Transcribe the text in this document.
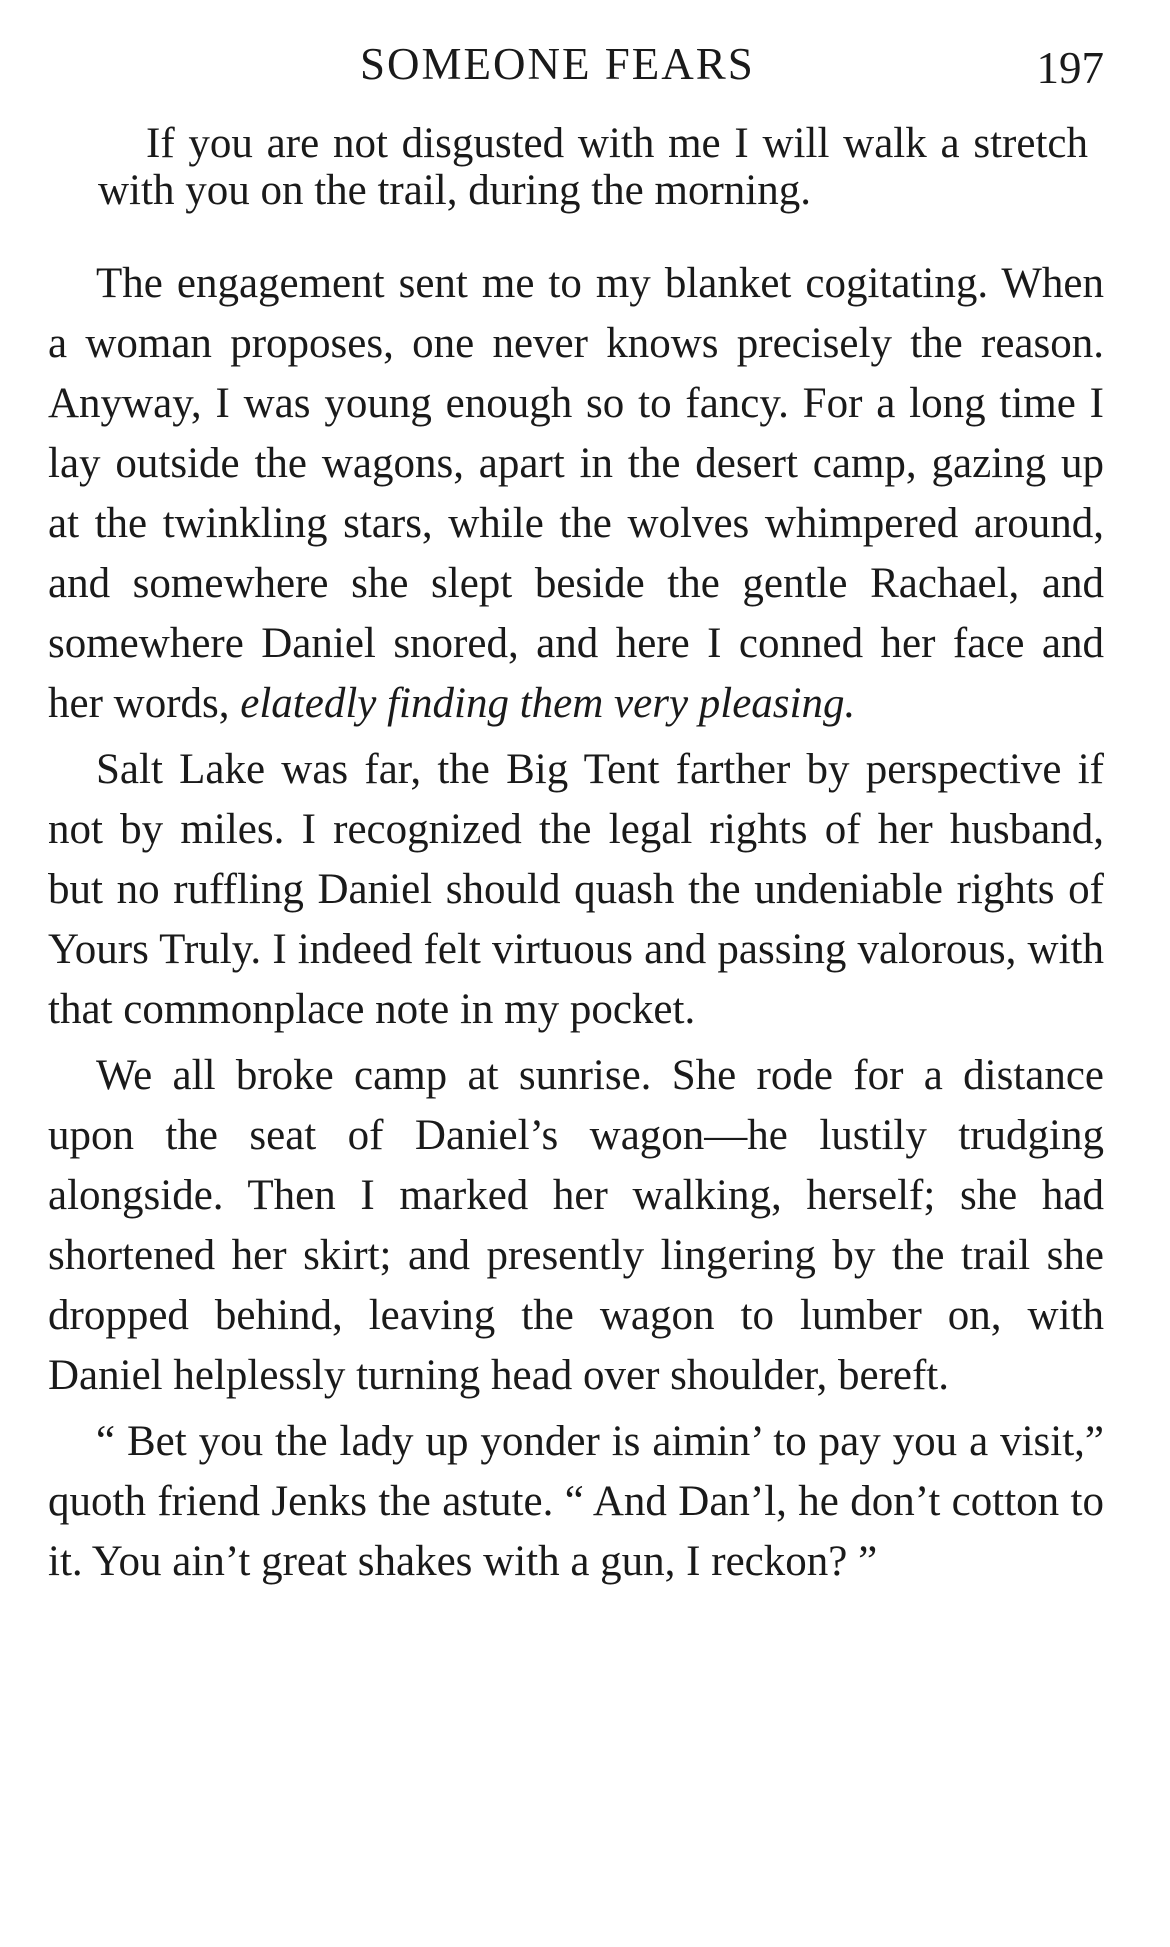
SOMEONE FEARS	197

If you are not disgusted with me I will walk a stretch with you on the trail, during the morning.

The engagement sent me to my blanket cogitating. When a woman proposes, one never knows precisely the reason. Anyway, I was young enough so to fancy. For a long time I lay outside the wagons, apart in the desert camp, gazing up at the twinkling stars, while the wolves whimpered around, and somewhere she slept beside the gentle Rachael, and somewhere Daniel snored, and here I conned her face and her words, elatedly finding them very pleasing.

Salt Lake was far, the Big Tent farther by perspective if not by miles. I recognized the legal rights of her husband, but no ruffling Daniel should quash the undeniable rights of Yours Truly. I indeed felt virtuous and passing valorous, with that commonplace note in my pocket.

We all broke camp at sunrise. She rode for a distance upon the seat of Daniel’s wagon—he lustily trudging alongside. Then I marked her walking, herself; she had shortened her skirt; and presently lingering by the trail she dropped behind, leaving the wagon to lumber on, with Daniel helplessly turning head over shoulder, bereft.

“ Bet you the lady up yonder is aimin’ to pay you a visit,” quoth friend Jenks the astute. “ And Dan’l, he don’t cotton to it. You ain’t great shakes with a gun, I reckon? ”
